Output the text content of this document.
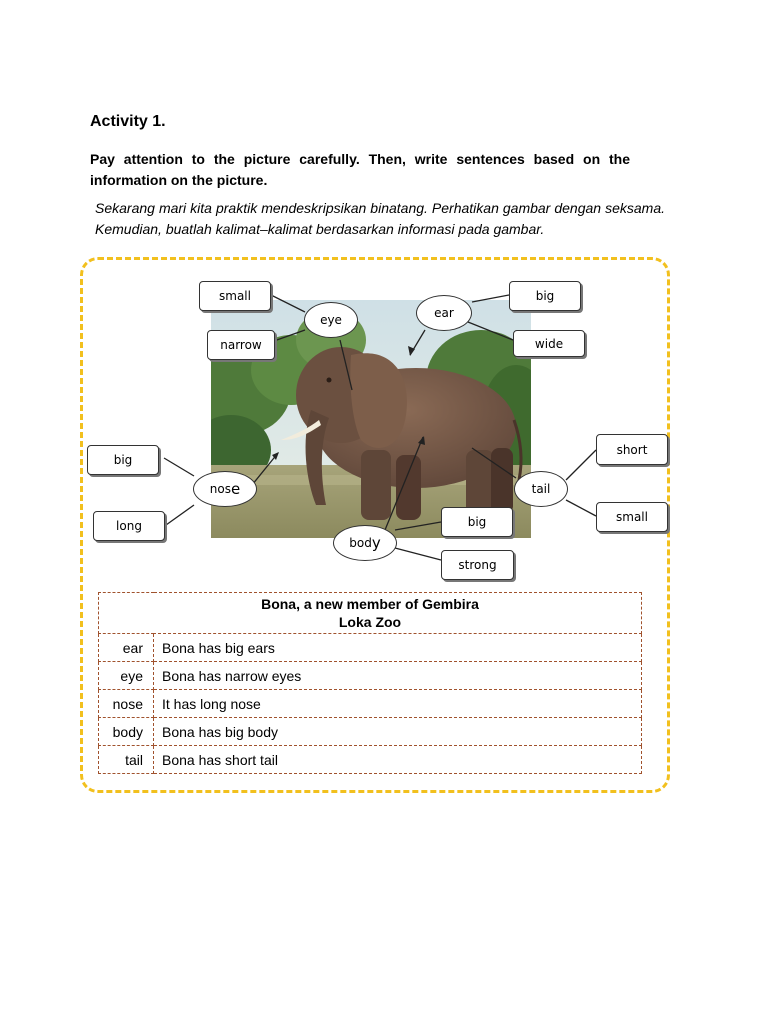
Activity 1.

Pay attention to the picture carefully. Then, write sentences based on the information on the picture.

Sekarang mari kita praktik mendeskripsikan binatang. Perhatikan gambar dengan seksama. Kemudian, buatlah kalimat–kalimat berdasarkan informasi pada gambar.

eye	ear
nos e	tail
bod y
small
narrow
big
wide
big
long
short
small
big
strong
Bona, a new member of Gembira
Loka Zoo	
ear	Bona has big ears
eye	Bona has narrow eyes
nose	It has long nose
body	Bona has big body
tail	Bona has short tail
